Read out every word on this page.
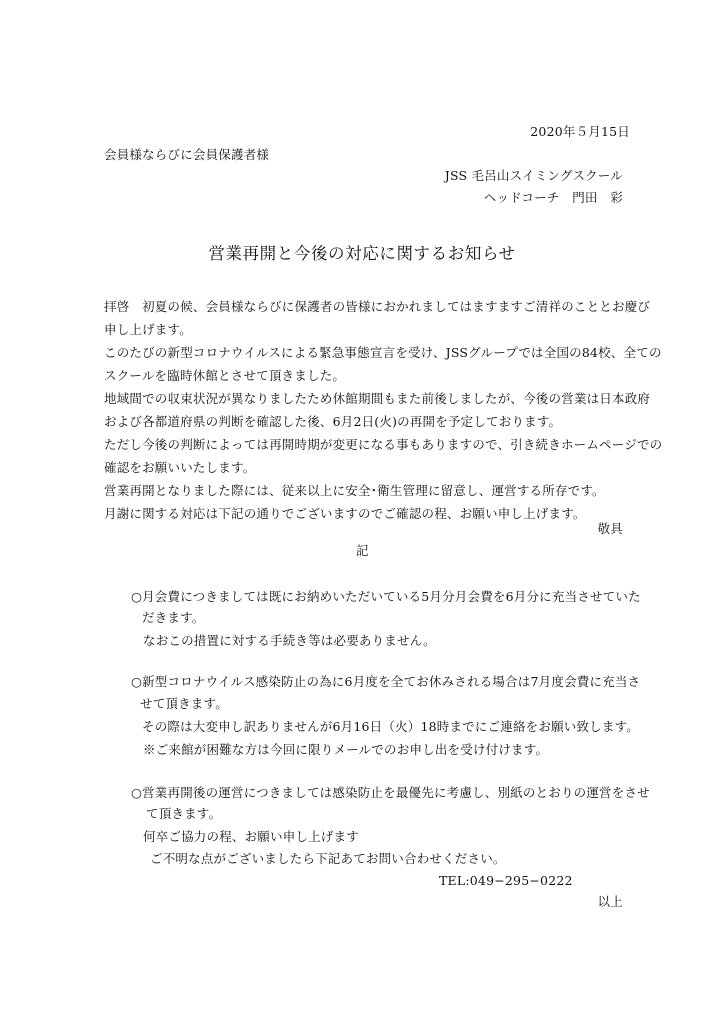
2020年５月15日
会員様ならびに会員保護者様
JSS 毛呂山スイミングスクール
ヘッドコーチ　門田　彩
営業再開と今後の対応に関するお知らせ
拝啓　初夏の候、会員様ならびに保護者の皆様におかれましてはますますご清祥のこととお慶び
申し上げます。
このたびの新型コロナウイルスによる緊急事態宣言を受け、JSSグループでは全国の84校、全ての
スクールを臨時休館とさせて頂きました。
地域間での収束状況が異なりましたため休館期間もまた前後しましたが、今後の営業は日本政府
および各都道府県の判断を確認した後、6月2日(火)の再開を予定しております。
ただし今後の判断によっては再開時期が変更になる事もありますので、引き続きホームページでの
確認をお願いいたします。
営業再開となりました際には、従来以上に安全･衛生管理に留意し、運営する所存です。
月謝に関する対応は下記の通りでございますのでご確認の程、お願い申し上げます。
敬具
記
○月会費につきましては既にお納めいただいている5月分月会費を6月分に充当させていた
だきます。
なおこの措置に対する手続き等は必要ありません。
○新型コロナウイルス感染防止の為に6月度を全てお休みされる場合は7月度会費に充当さ
せて頂きます。
その際は大変申し訳ありませんが6月16日（火）18時までにご連絡をお願い致します。
※ご来館が困難な方は今回に限りメールでのお申し出を受け付けます。
○営業再開後の運営につきましては感染防止を最優先に考慮し、別紙のとおりの運営をさせ
て頂きます。
何卒ご協力の程、お願い申し上げます
ご不明な点がございましたら下記あてお問い合わせください。
TEL:049−295−0222
以上
